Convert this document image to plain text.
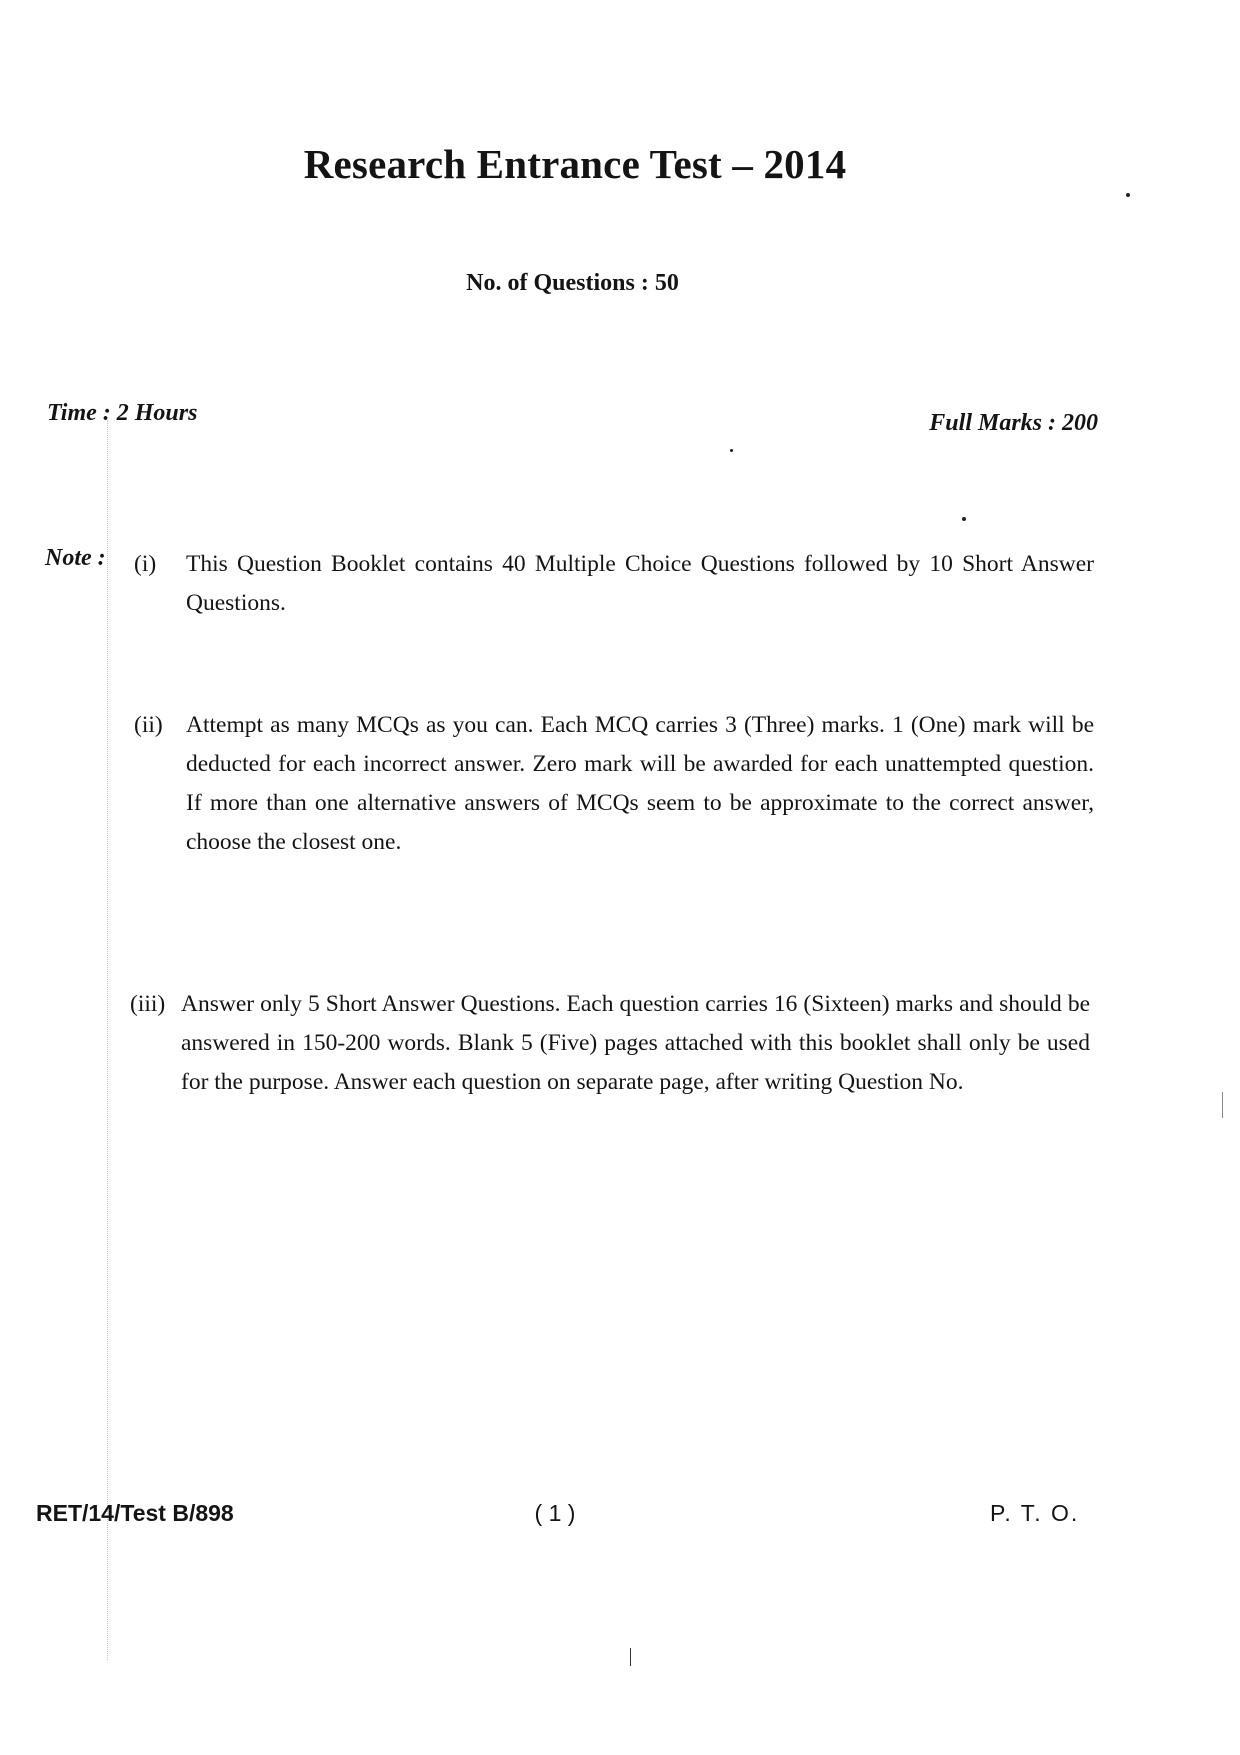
Research Entrance Test – 2014
No. of Questions : 50
Time : 2 Hours	Full Marks : 200
Note : (i) This Question Booklet contains 40 Multiple Choice Questions followed by 10 Short Answer Questions.
(ii) Attempt as many MCQs as you can. Each MCQ carries 3 (Three) marks. 1 (One) mark will be deducted for each incorrect answer. Zero mark will be awarded for each unattempted question. If more than one alternative answers of MCQs seem to be approximate to the correct answer, choose the closest one.
(iii) Answer only 5 Short Answer Questions. Each question carries 16 (Sixteen) marks and should be answered in 150-200 words. Blank 5 (Five) pages attached with this booklet shall only be used for the purpose. Answer each question on separate page, after writing Question No.
RET/14/Test B/898	( 1 )	P. T. O.
